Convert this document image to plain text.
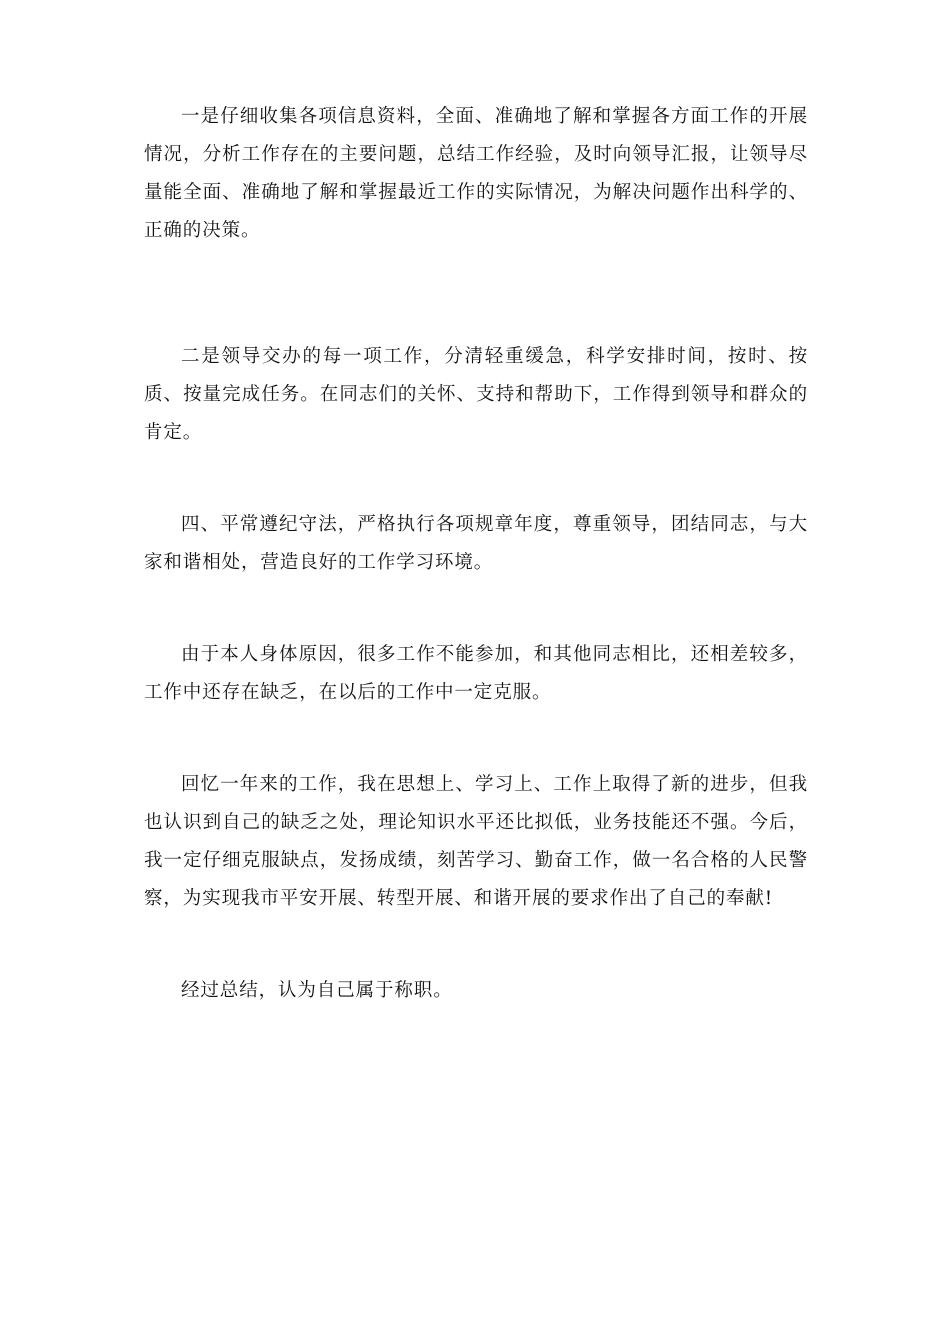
一是仔细收集各项信息资料，全面、准确地了解和掌握各方面工作的开展情况，分析工作存在的主要问题，总结工作经验，及时向领导汇报，让领导尽量能全面、准确地了解和掌握最近工作的实际情况，为解决问题作出科学的、正确的决策。

二是领导交办的每一项工作，分清轻重缓急，科学安排时间，按时、按质、按量完成任务。在同志们的关怀、支持和帮助下，工作得到领导和群众的肯定。

四、平常遵纪守法，严格执行各项规章年度，尊重领导，团结同志，与大家和谐相处，营造良好的工作学习环境。

由于本人身体原因，很多工作不能参加，和其他同志相比，还相差较多，工作中还存在缺乏，在以后的工作中一定克服。

回忆一年来的工作，我在思想上、学习上、工作上取得了新的进步，但我也认识到自己的缺乏之处，理论知识水平还比拟低，业务技能还不强。今后，我一定仔细克服缺点，发扬成绩，刻苦学习、勤奋工作，做一名合格的人民警察，为实现我市平安开展、转型开展、和谐开展的要求作出了自己的奉献!

经过总结，认为自己属于称职。
